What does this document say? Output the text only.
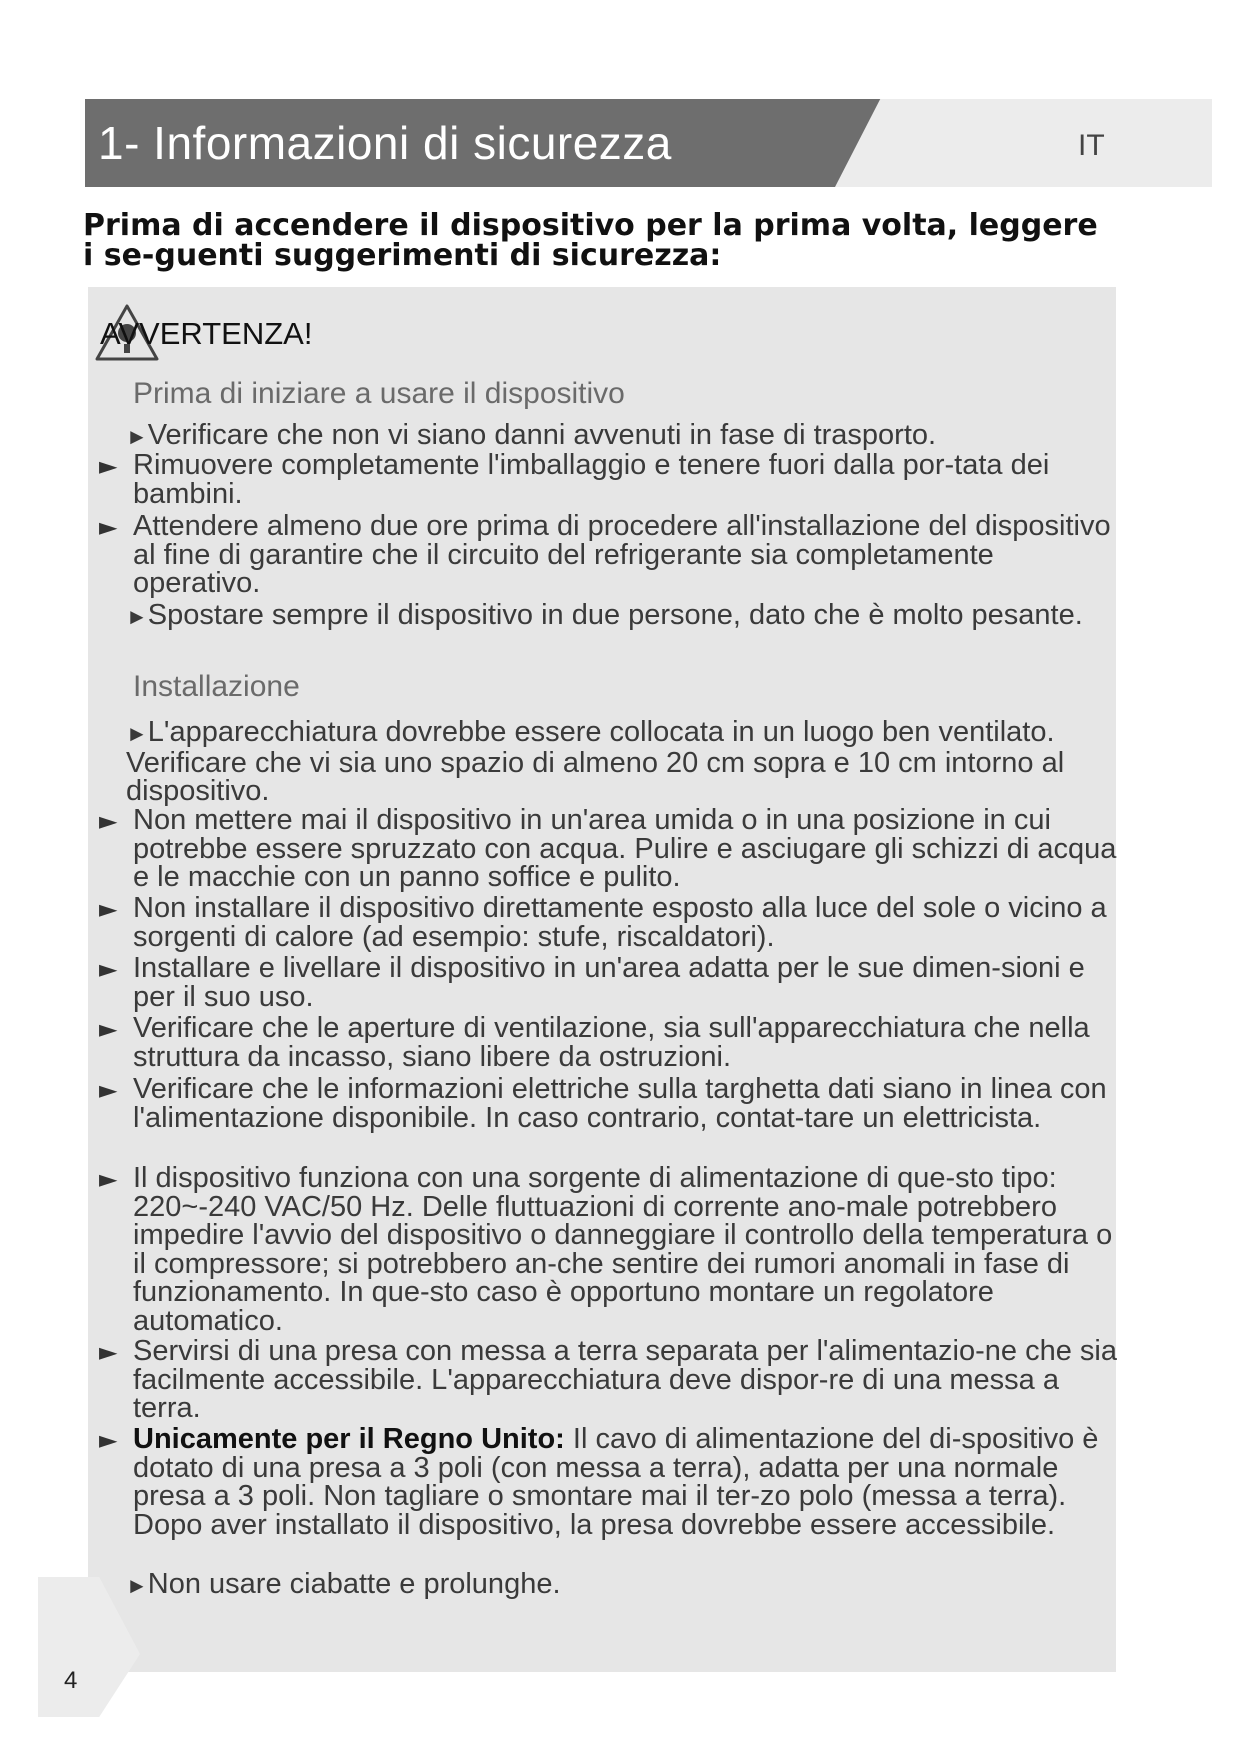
1- Informazioni di sicurezza	IT
Prima di accendere il dispositivo per la prima volta, leggere i se-guenti suggerimenti di sicurezza:
AVVERTENZA!
Prima di iniziare a usare il dispositivo
►Verificare che non vi siano danni avvenuti in fase di trasporto.
► Rimuovere completamente l'imballaggio e tenere fuori dalla por-tata dei bambini.
► Attendere almeno due ore prima di procedere all'installazione del dispositivo al fine di garantire che il circuito del refrigerante sia completamente operativo.
►Spostare sempre il dispositivo in due persone, dato che è molto pesante.
Installazione
►L'apparecchiatura dovrebbe essere collocata in un luogo ben ventilato. Verificare che vi sia uno spazio di almeno 20 cm sopra e 10 cm intorno al dispositivo.
► Non mettere mai il dispositivo in un'area umida o in una posizione in cui potrebbe essere spruzzato con acqua. Pulire e asciugare gli schizzi di acqua e le macchie con un panno soffice e pulito.
► Non installare il dispositivo direttamente esposto alla luce del sole o vicino a sorgenti di calore (ad esempio: stufe, riscaldatori).
► Installare e livellare il dispositivo in un'area adatta per le sue dimen-sioni e per il suo uso.
► Verificare che le aperture di ventilazione, sia sull'apparecchiatura che nella struttura da incasso, siano libere da ostruzioni.
► Verificare che le informazioni elettriche sulla targhetta dati siano in linea con l'alimentazione disponibile. In caso contrario, contat-tare un elettricista.
► Il dispositivo funziona con una sorgente di alimentazione di que-sto tipo: 220~-240 VAC/50 Hz. Delle fluttuazioni di corrente ano-male potrebbero impedire l'avvio del dispositivo o danneggiare il controllo della temperatura o il compressore; si potrebbero an-che sentire dei rumori anomali in fase di funzionamento. In que-sto caso è opportuno montare un regolatore automatico.
► Servirsi di una presa con messa a terra separata per l'alimentazio-ne che sia facilmente accessibile. L'apparecchiatura deve dispor-re di una messa a terra.
► Unicamente per il Regno Unito: Il cavo di alimentazione del di-spositivo è dotato di una presa a 3 poli (con messa a terra), adatta per una normale presa a 3 poli. Non tagliare o smontare mai il ter-zo polo (messa a terra). Dopo aver installato il dispositivo, la presa dovrebbe essere accessibile.
►Non usare ciabatte e prolunghe.
4
